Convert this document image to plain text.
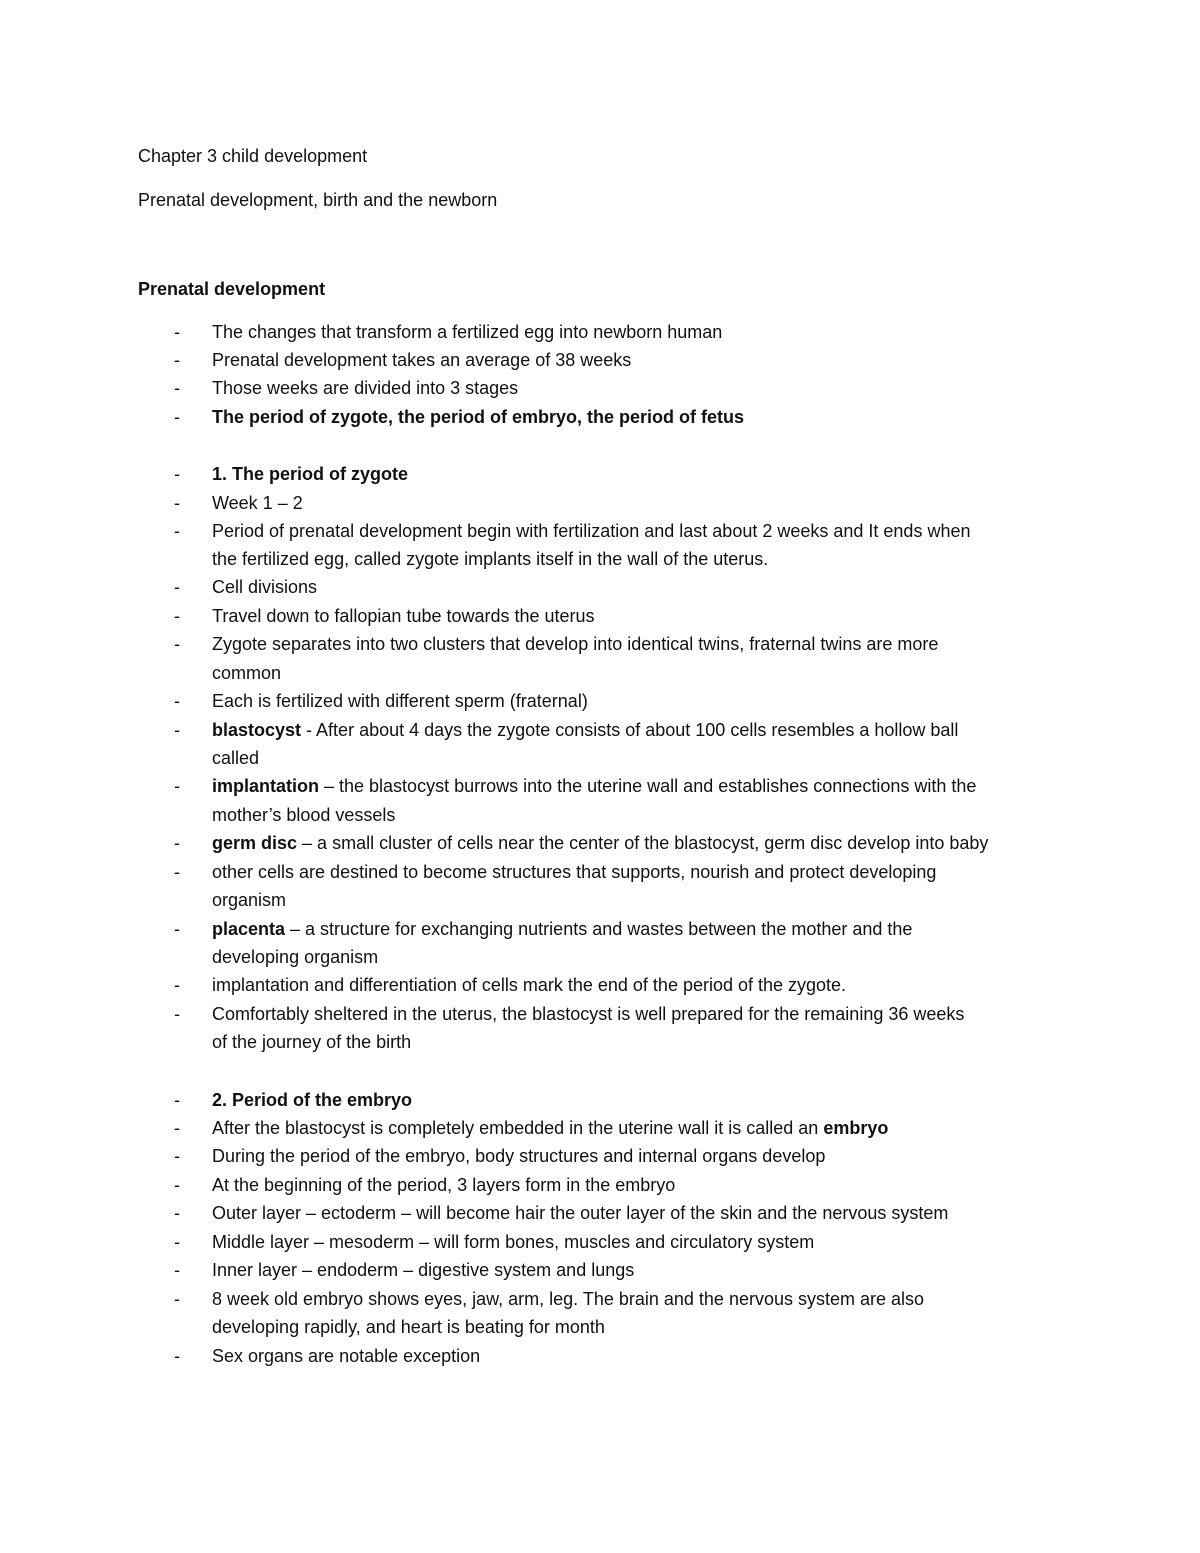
Chapter 3 child development
Prenatal development, birth and the newborn
Prenatal development
- The changes that transform a fertilized egg into newborn human
- Prenatal development takes an average of 38 weeks
- Those weeks are divided into 3 stages
- The period of zygote, the period of embryo, the period of fetus
- 1. The period of zygote
- Week 1 – 2
- Period of prenatal development begin with fertilization and last about 2 weeks and It ends when
the fertilized egg, called zygote implants itself in the wall of the uterus.
- Cell divisions
- Travel down to fallopian tube towards the uterus
- Zygote separates into two clusters that develop into identical twins, fraternal twins are more
common
- Each is fertilized with different sperm (fraternal)
- blastocyst - After about 4 days the zygote consists of about 100 cells resembles a hollow ball
called
- implantation – the blastocyst burrows into the uterine wall and establishes connections with the
mother’s blood vessels
- germ disc – a small cluster of cells near the center of the blastocyst, germ disc develop into baby
- other cells are destined to become structures that supports, nourish and protect developing
organism
- placenta – a structure for exchanging nutrients and wastes between the mother and the
developing organism
- implantation and differentiation of cells mark the end of the period of the zygote.
- Comfortably sheltered in the uterus, the blastocyst is well prepared for the remaining 36 weeks
of the journey of the birth
- 2. Period of the embryo
- After the blastocyst is completely embedded in the uterine wall it is called an embryo
- During the period of the embryo, body structures and internal organs develop
- At the beginning of the period, 3 layers form in the embryo
- Outer layer – ectoderm – will become hair the outer layer of the skin and the nervous system
- Middle layer – mesoderm – will form bones, muscles and circulatory system
- Inner layer – endoderm – digestive system and lungs
- 8 week old embryo shows eyes, jaw, arm, leg. The brain and the nervous system are also
developing rapidly, and heart is beating for month
- Sex organs are notable exception
